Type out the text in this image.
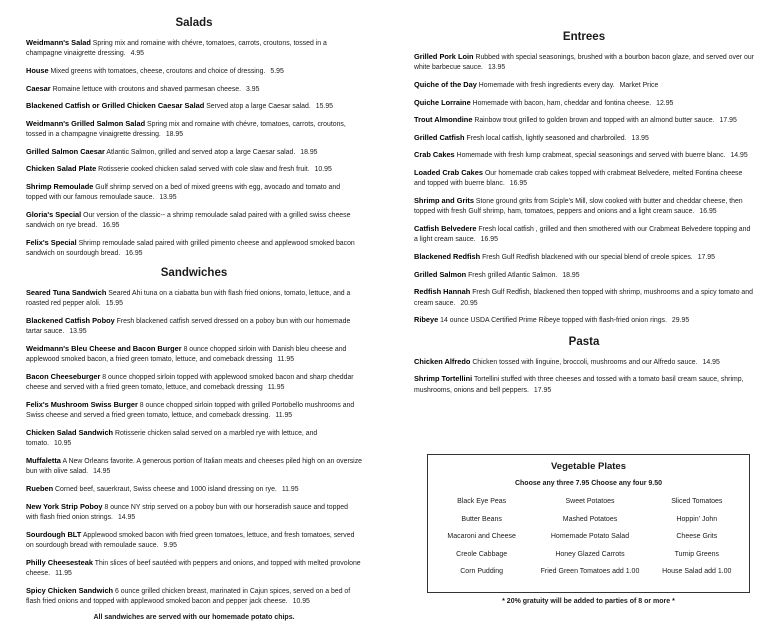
Salads

Weidmann's Salad Spring mix and romaine with chévre, tomatoes, carrots, croutons, tossed in a champagne vinaigrette dressing. 4.95

House Mixed greens with tomatoes, cheese, croutons and choice of dressing. 5.95

Caesar Romaine lettuce with croutons and shaved parmesan cheese. 3.95

Blackened Catfish or Grilled Chicken Caesar Salad Served atop a large Caesar salad. 15.95

Weidmann's Grilled Salmon Salad Spring mix and romaine with chévre, tomatoes, carrots, croutons, tossed in a champagne vinaigrette dressing. 18.95

Grilled Salmon Caesar Atlantic Salmon, grilled and served atop a large Caesar salad. 18.95

Chicken Salad Plate Rotisserie cooked chicken salad served with cole slaw and fresh fruit. 10.95

Shrimp Remoulade Gulf shrimp served on a bed of mixed greens with egg, avocado and tomato and topped with our famous remoulade sauce. 13.95

Gloria's Special Our version of the classic-- a shrimp remoulade salad paired with a grilled swiss cheese sandwich on rye bread. 16.95

Felix's Special Shrimp remoulade salad paired with grilled pimento cheese and applewood smoked bacon sandwich on sourdough bread. 16.95

Sandwiches

Seared Tuna Sandwich Seared Ahi tuna on a ciabatta bun with flash fried onions, tomato, lettuce, and a roasted red pepper aïoli. 15.95

Blackened Catfish Poboy Fresh blackened catfish served dressed on a poboy bun with our homemade tartar sauce. 13.95

Weidmann's Bleu Cheese and Bacon Burger 8 ounce chopped sirloin with Danish bleu cheese and applewood smoked bacon, a fried green tomato, lettuce, and comeback dressing 11.95

Bacon Cheeseburger 8 ounce chopped sirloin topped with applewood smoked bacon and sharp cheddar cheese and served with a fried green tomato, lettuce, and comeback dressing 11.95

Felix's Mushroom Swiss Burger 8 ounce chopped sirloin topped with grilled Portobello mushrooms and Swiss cheese and served a fried green tomato, lettuce, and comeback dressing. 11.95

Chicken Salad Sandwich Rotisserie chicken salad served on a marbled rye with lettuce, and tomato. 10.95

Muffaletta A New Orleans favorite. A generous portion of Italian meats and cheeses piled high on an oversize bun with olive salad. 14.95

Rueben Corned beef, sauerkraut, Swiss cheese and 1000 island dressing on rye. 11.95

New York Strip Poboy 8 ounce NY strip served on a poboy bun with our horseradish sauce and topped with flash fried onion strings. 14.95

Sourdough BLT Applewood smoked bacon with fried green tomatoes, lettuce, and fresh tomatoes, served on sourdough bread with remoulade sauce. 9.95

Philly Cheesesteak Thin slices of beef sautéed with peppers and onions, and topped with melted provolone cheese. 11.95

Spicy Chicken Sandwich 6 ounce grilled chicken breast, marinated in Cajun spices, served on a bed of flash fried onions and topped with applewood smoked bacon and pepper jack cheese. 10.95

All sandwiches are served with our homemade potato chips.
Entrees

Grilled Pork Loin Rubbed with special seasonings, brushed with a bourbon bacon glaze, and served over our white barbecue sauce. 13.95

Quiche of the Day Homemade with fresh ingredients every day. Market Price

Quiche Lorraine Homemade with bacon, ham, cheddar and fontina cheese. 12.95

Trout Almondine Rainbow trout grilled to golden brown and topped with an almond butter sauce. 17.95

Grilled Catfish Fresh local catfish, lightly seasoned and charbroiled. 13.95

Crab Cakes Homemade with fresh lump crabmeat, special seasonings and served with buerre blanc. 14.95

Loaded Crab Cakes Our homemade crab cakes topped with crabmeat Belvedere, melted Fontina cheese and topped with buerre blanc. 16.95

Shrimp and Grits Stone ground grits from Sciple's Mill, slow cooked with butter and cheddar cheese, then topped with fresh Gulf shrimp, ham, tomatoes, peppers and onions and a light cream sauce. 16.95

Catfish Belvedere Fresh local catfish , grilled and then smothered with our Crabmeat Belvedere topping and a light cream sauce. 16.95

Blackened Redfish Fresh Gulf Redfish blackened with our special blend of creole spices. 17.95

Grilled Salmon Fresh grilled Atlantic Salmon. 18.95

Redfish Hannah Fresh Gulf Redfish, blackened then topped with shrimp, mushrooms and a spicy tomato and cream sauce. 20.95

Ribeye 14 ounce USDA Certified Prime Ribeye topped with flash-fried onion rings. 29.95

Pasta

Chicken Alfredo Chicken tossed with linguine, broccoli, mushrooms and our Alfredo sauce. 14.95

Shrimp Tortellini Tortellini stuffed with three cheeses and tossed with a tomato basil cream sauce, shrimp, mushrooms, onions and bell peppers. 17.95

Vegetable Plates
Choose any three 7.95 Choose any four 9.50
Black Eye Peas	Sweet Potatoes	Sliced Tomatoes
Butter Beans	Mashed Potatoes	Hoppin' John
Macaroni and Cheese	Homemade Potato Salad	Cheese Grits
Creole Cabbage	Honey Glazed Carrots	Turnip Greens
Corn Pudding	Fried Green Tomatoes add 1.00	House Salad add 1.00
* 20% gratuity will be added to parties of 8 or more *
